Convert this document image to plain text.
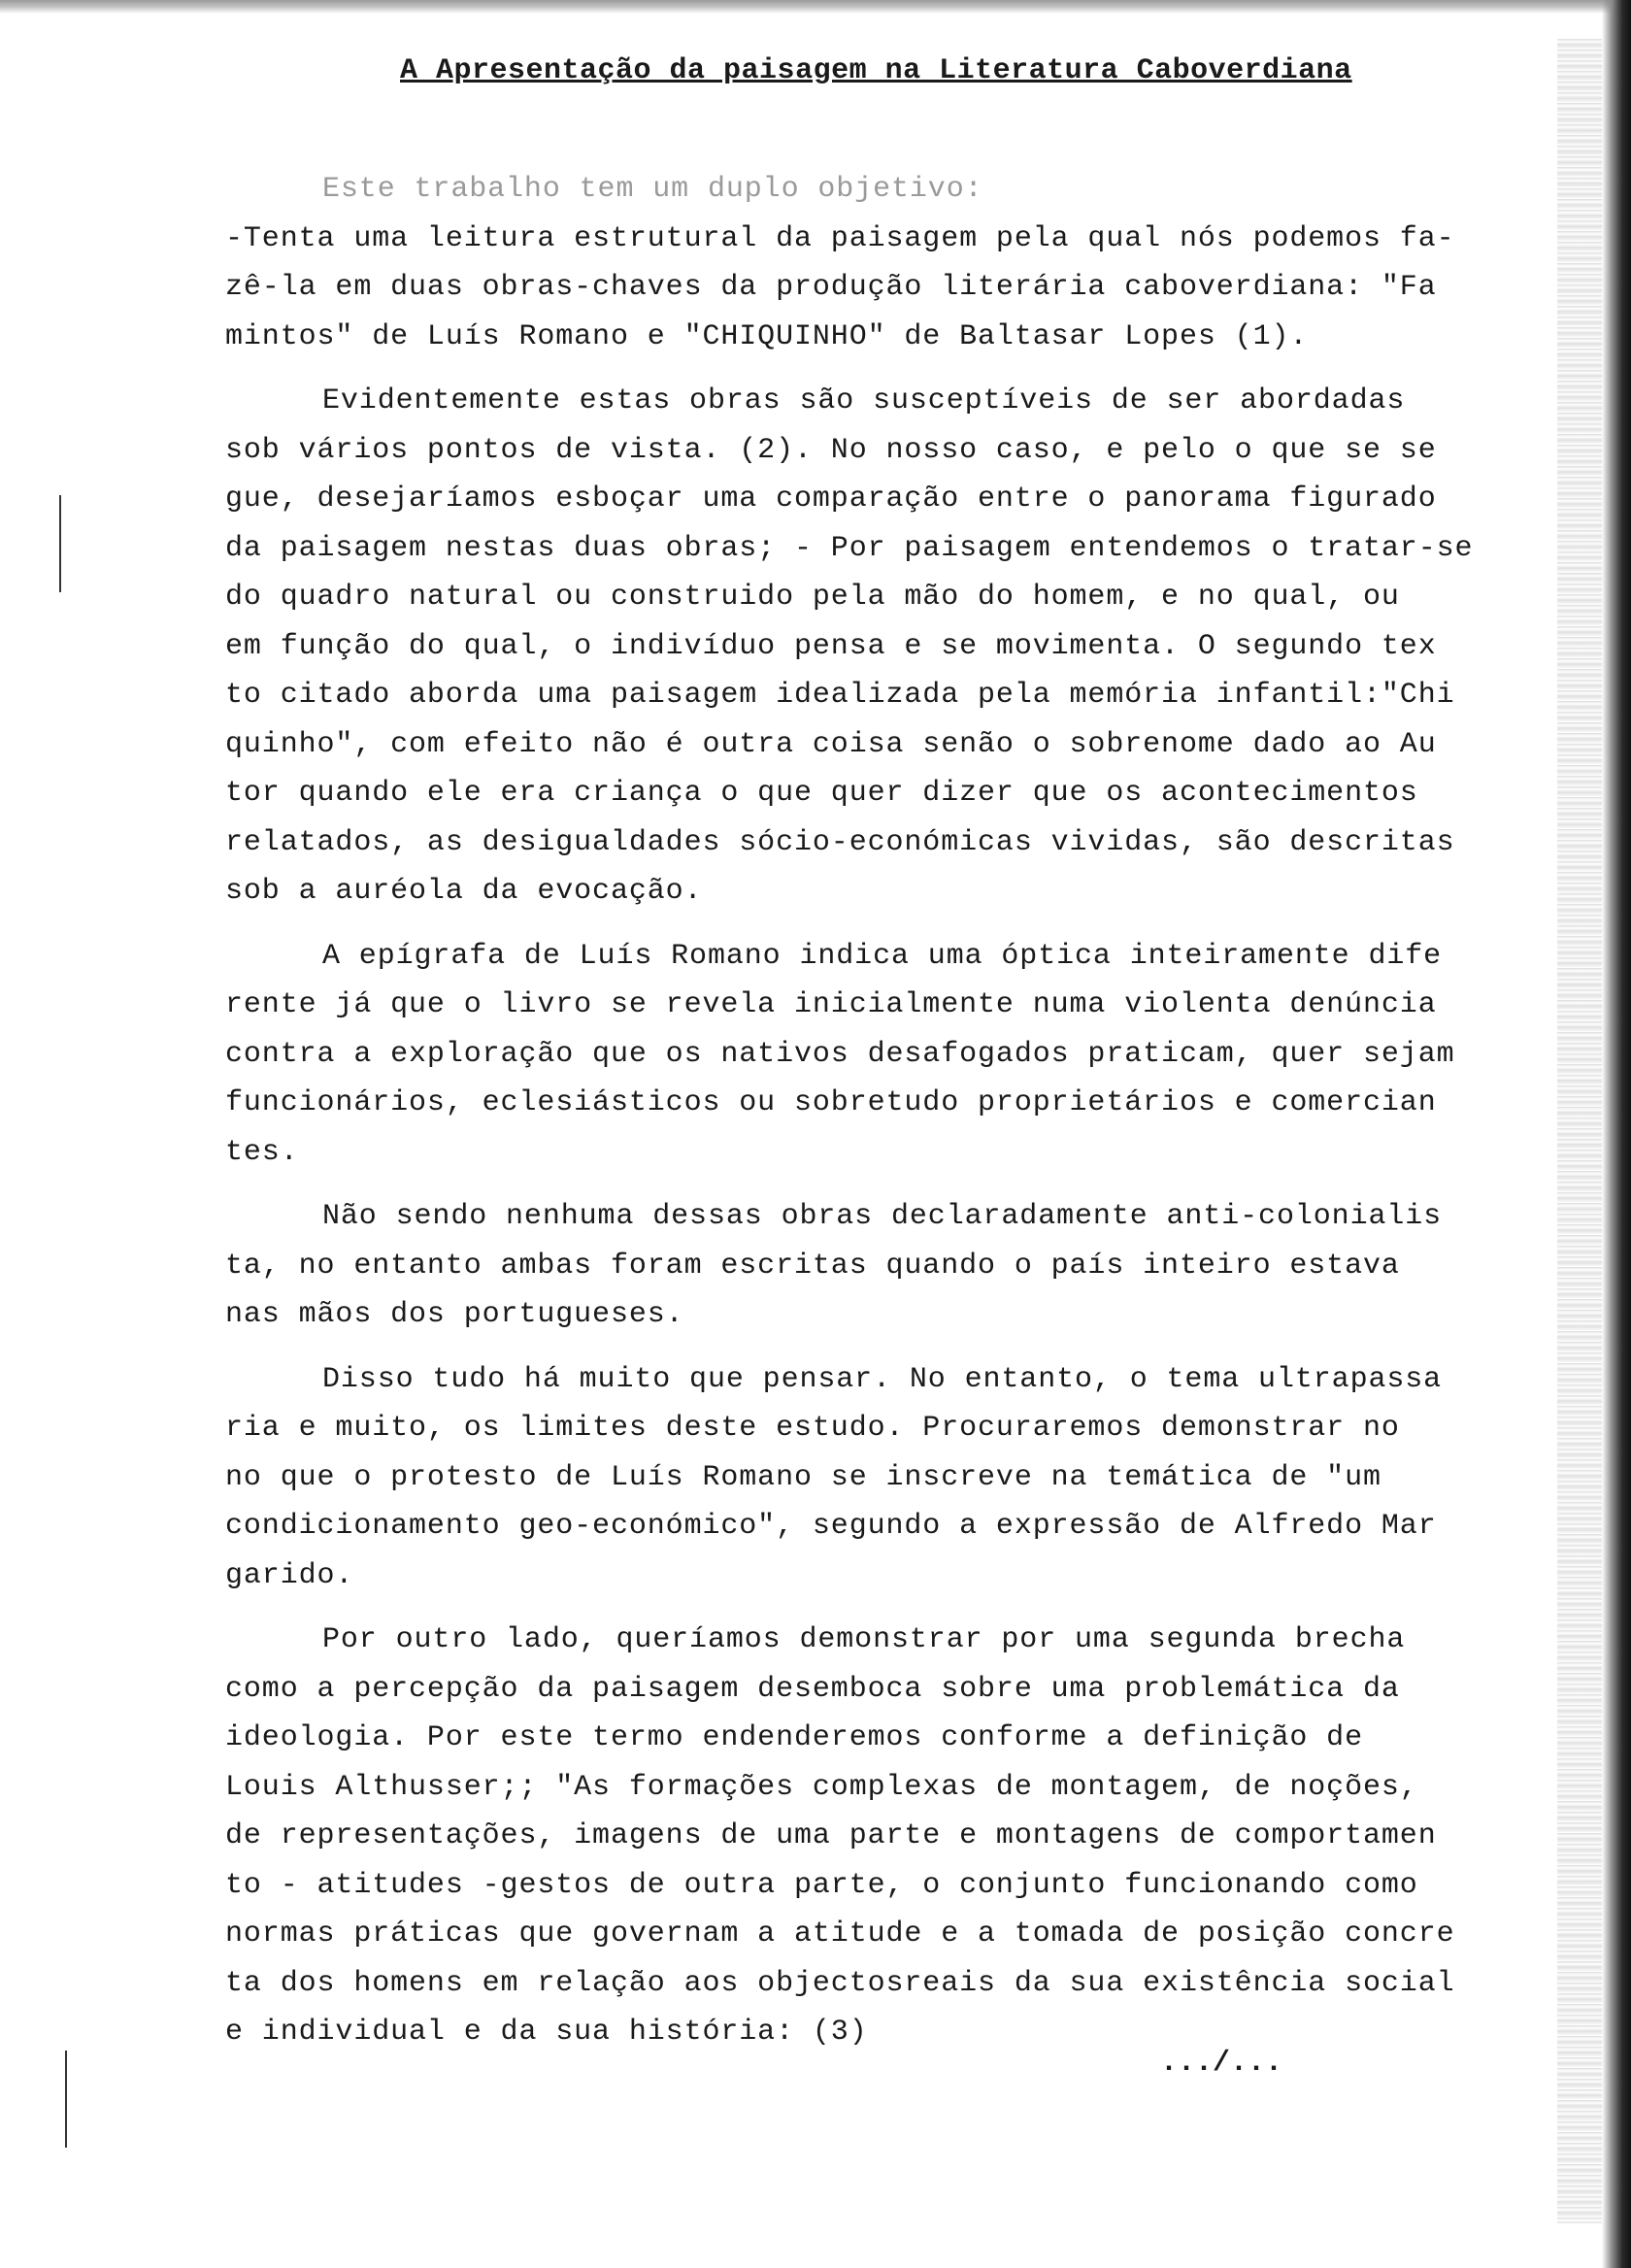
A Apresentação da paisagem na Literatura Caboverdiana
Este trabalho tem um duplo objetivo:
-Tenta uma leitura estrutural da paisagem pela qual nós podemos fa-
zê-la em duas obras-chaves da produção literária caboverdiana: "Fa
mintos" de Luís Romano e "CHIQUINHO" de Baltasar Lopes (1).
Evidentemente estas obras são susceptíveis de ser abordadas
sob vários pontos de vista. (2). No nosso caso, e pelo o que se se
gue, desejaríamos esboçar uma comparação entre o panorama figurado
da paisagem nestas duas obras; - Por paisagem entendemos o tratar-se
do quadro natural ou construido pela mão do homem, e no qual, ou
em função do qual, o indivíduo pensa e se movimenta. O segundo tex
to citado aborda uma paisagem idealizada pela memória infantil:"Chi
quinho", com efeito não é outra coisa senão o sobrenome dado ao Au
tor quando ele era criança o que quer dizer que os acontecimentos
relatados, as desigualdades sócio-económicas vividas, são descritas
sob a auréola da evocação.
A epígrafa de Luís Romano indica uma óptica inteiramente dife
rente já que o livro se revela inicialmente numa violenta denúncia
contra a exploração que os nativos desafogados praticam, quer sejam
funcionários, eclesiásticos ou sobretudo proprietários e comercian
tes.
Não sendo nenhuma dessas obras declaradamente anti-colonialis
ta, no entanto ambas foram escritas quando o país inteiro estava
nas mãos dos portugueses.
Disso tudo há muito que pensar. No entanto, o tema ultrapassa
ria e muito, os limites deste estudo. Procuraremos demonstrar no
no que o protesto de Luís Romano se inscreve na temática de "um
condicionamento geo-económico", segundo a expressão de Alfredo Mar
garido.
Por outro lado, queríamos demonstrar por uma segunda brecha
como a percepção da paisagem desemboca sobre uma problemática da
ideologia. Por este termo endenderemos conforme a definição de
Louis Althusser;; "As formações complexas de montagem, de noções,
de representações, imagens de uma parte e montagens de comportamen
to - atitudes -gestos de outra parte, o conjunto funcionando como
normas práticas que governam a atitude e a tomada de posição concre
ta dos homens em relação aos objectosreais da sua existência social
e individual e da sua história: (3)
.../...
